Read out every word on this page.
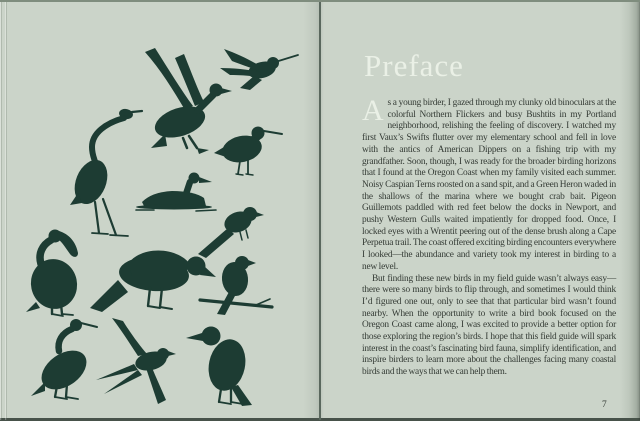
Preface

As a young birder, I gazed through my clunky old binoculars at the colorful Northern Flickers and busy Bushtits in my Portland neighborhood, relishing the feeling of discovery. I watched my first Vaux’s Swifts flutter over my elementary school and fell in love with the antics of American Dippers on a fishing trip with my grandfather. Soon, though, I was ready for the broader birding horizons that I found at the Oregon Coast when my family visited each summer. Noisy Caspian Terns roosted on a sand spit, and a Green Heron waded in the shallows of the marina where we bought crab bait. Pigeon Guillemots paddled with red feet below the docks in Newport, and pushy Western Gulls waited impatiently for dropped food. Once, I locked eyes with a Wrentit peering out of the dense brush along a Cape Perpetua trail. The coast offered exciting birding encounters everywhere I looked—the abundance and variety took my interest in birding to a new level.

But finding these new birds in my field guide wasn’t always easy—there were so many birds to flip through, and sometimes I would think I’d figured one out, only to see that that particular bird wasn’t found nearby. When the opportunity to write a bird book focused on the Oregon Coast came along, I was excited to provide a better option for those exploring the region’s birds. I hope that this field guide will spark interest in the coast’s fascinating bird fauna, simplify identification, and inspire birders to learn more about the challenges facing many coastal birds and the ways that we can help them.

7
